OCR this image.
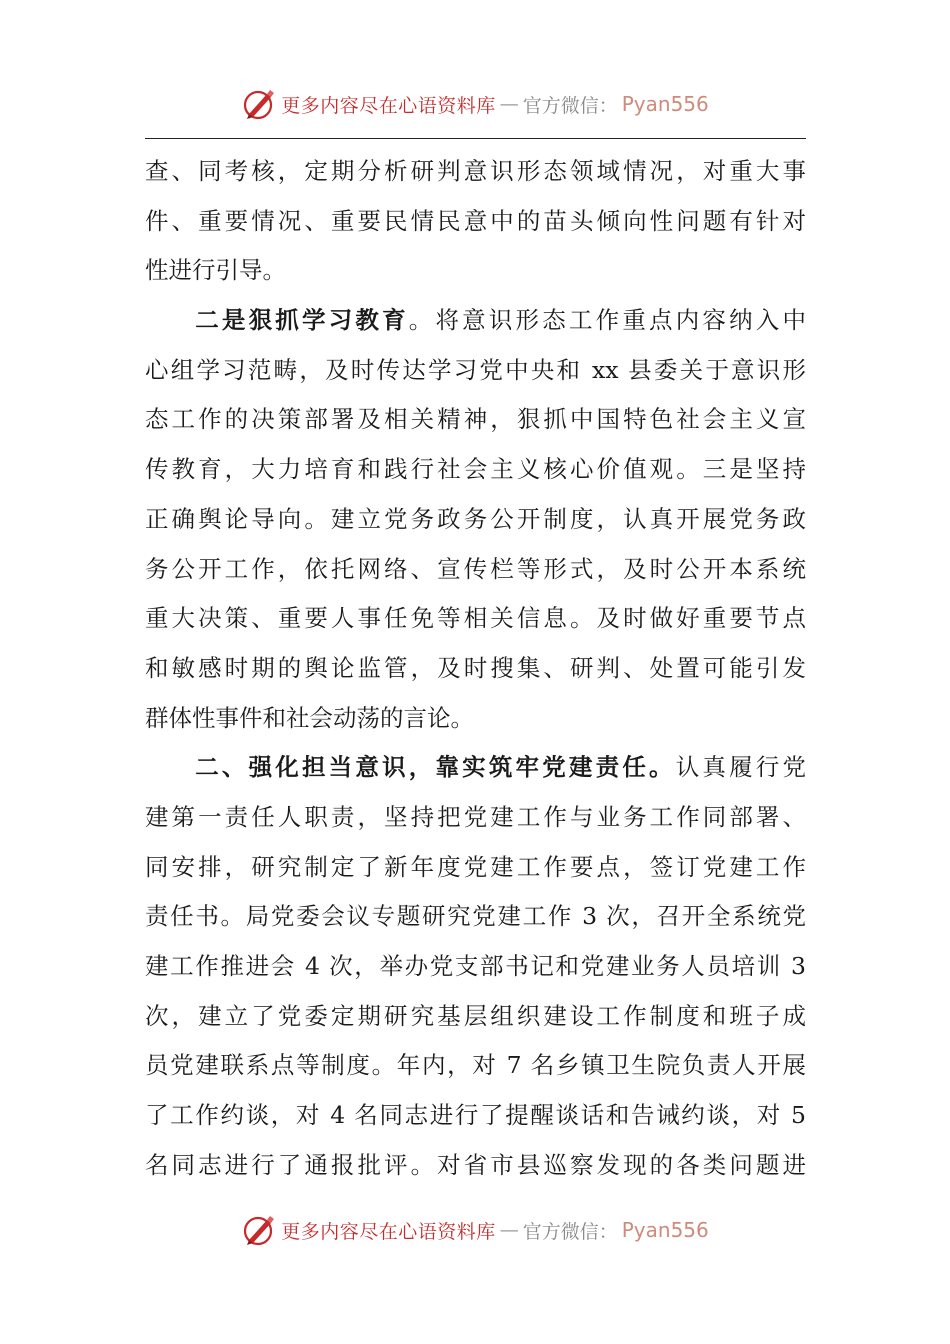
更多内容尽在心语资料库 — 官方微信： Pyan556
查、同考核，定期分析研判意识形态领域情况，对重大事
件、重要情况、重要民情民意中的苗头倾向性问题有针对
性进行引导。
二是狠抓学习教育。将意识形态工作重点内容纳入中
心组学习范畴，及时传达学习党中央和 xx 县委关于意识形
态工作的决策部署及相关精神，狠抓中国特色社会主义宣
传教育，大力培育和践行社会主义核心价值观。三是坚持
正确舆论导向。建立党务政务公开制度，认真开展党务政
务公开工作，依托网络、宣传栏等形式，及时公开本系统
重大决策、重要人事任免等相关信息。及时做好重要节点
和敏感时期的舆论监管，及时搜集、研判、处置可能引发
群体性事件和社会动荡的言论。
二、强化担当意识，靠实筑牢党建责任。认真履行党
建第一责任人职责，坚持把党建工作与业务工作同部署、
同安排，研究制定了新年度党建工作要点，签订党建工作
责任书。局党委会议专题研究党建工作 3 次，召开全系统党
建工作推进会 4 次，举办党支部书记和党建业务人员培训 3
次，建立了党委定期研究基层组织建设工作制度和班子成
员党建联系点等制度。年内，对 7 名乡镇卫生院负责人开展
了工作约谈，对 4 名同志进行了提醒谈话和告诫约谈，对 5
名同志进行了通报批评。对省市县巡察发现的各类问题进
更多内容尽在心语资料库 — 官方微信： Pyan556
